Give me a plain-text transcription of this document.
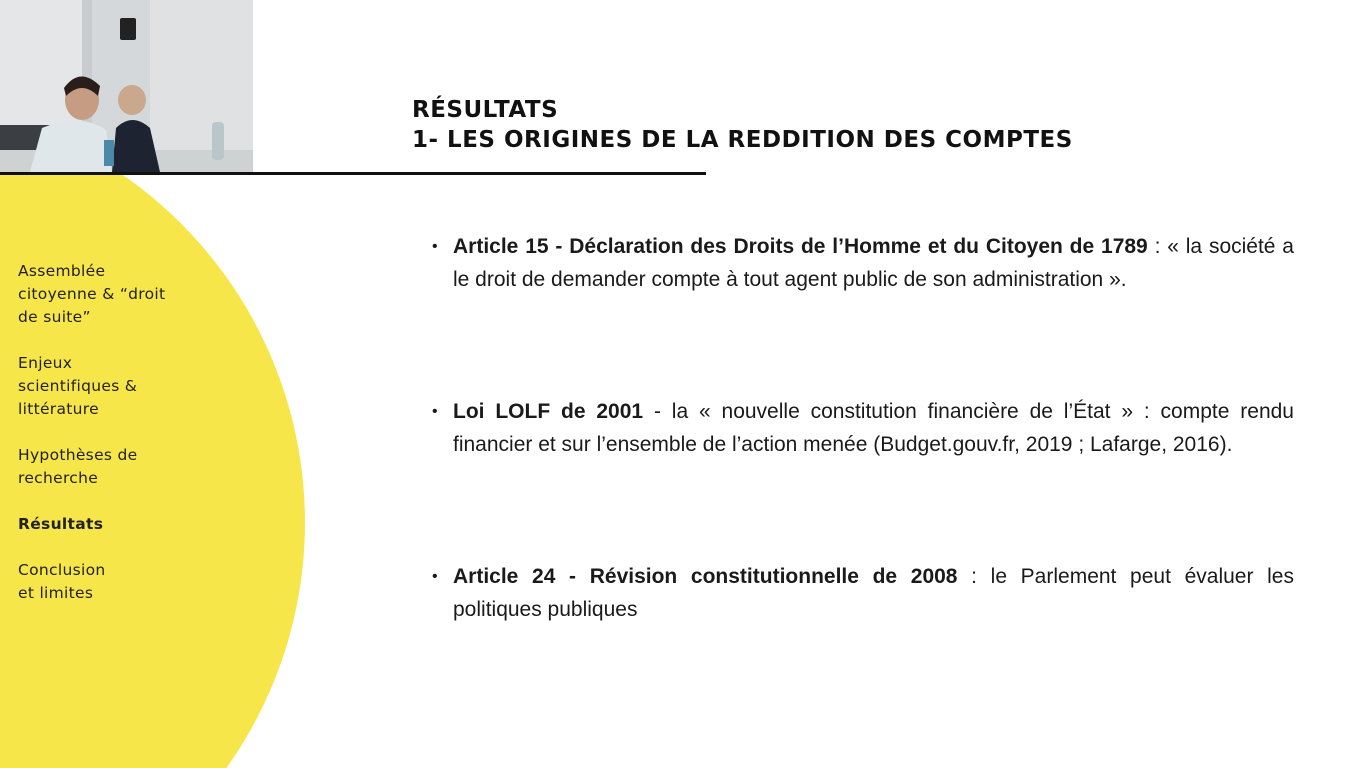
RÉSULTATS
1- LES ORIGINES DE LA REDDITION DES COMPTES
Assemblée
citoyenne & “droit
de suite”
Enjeux
scientifiques &
littérature
Hypothèses de
recherche
Résultats
Conclusion
et limites
• Article 15 - Déclaration des Droits de l’Homme et du Citoyen de 1789 : « la société a le droit de demander compte à tout agent public de son administration ».
• Loi LOLF de 2001 - la « nouvelle constitution financière de l’État » : compte rendu financier et sur l’ensemble de l’action menée (Budget.gouv.fr, 2019 ; Lafarge, 2016).
• Article 24 - Révision constitutionnelle de 2008 : le Parlement peut évaluer les politiques publiques
